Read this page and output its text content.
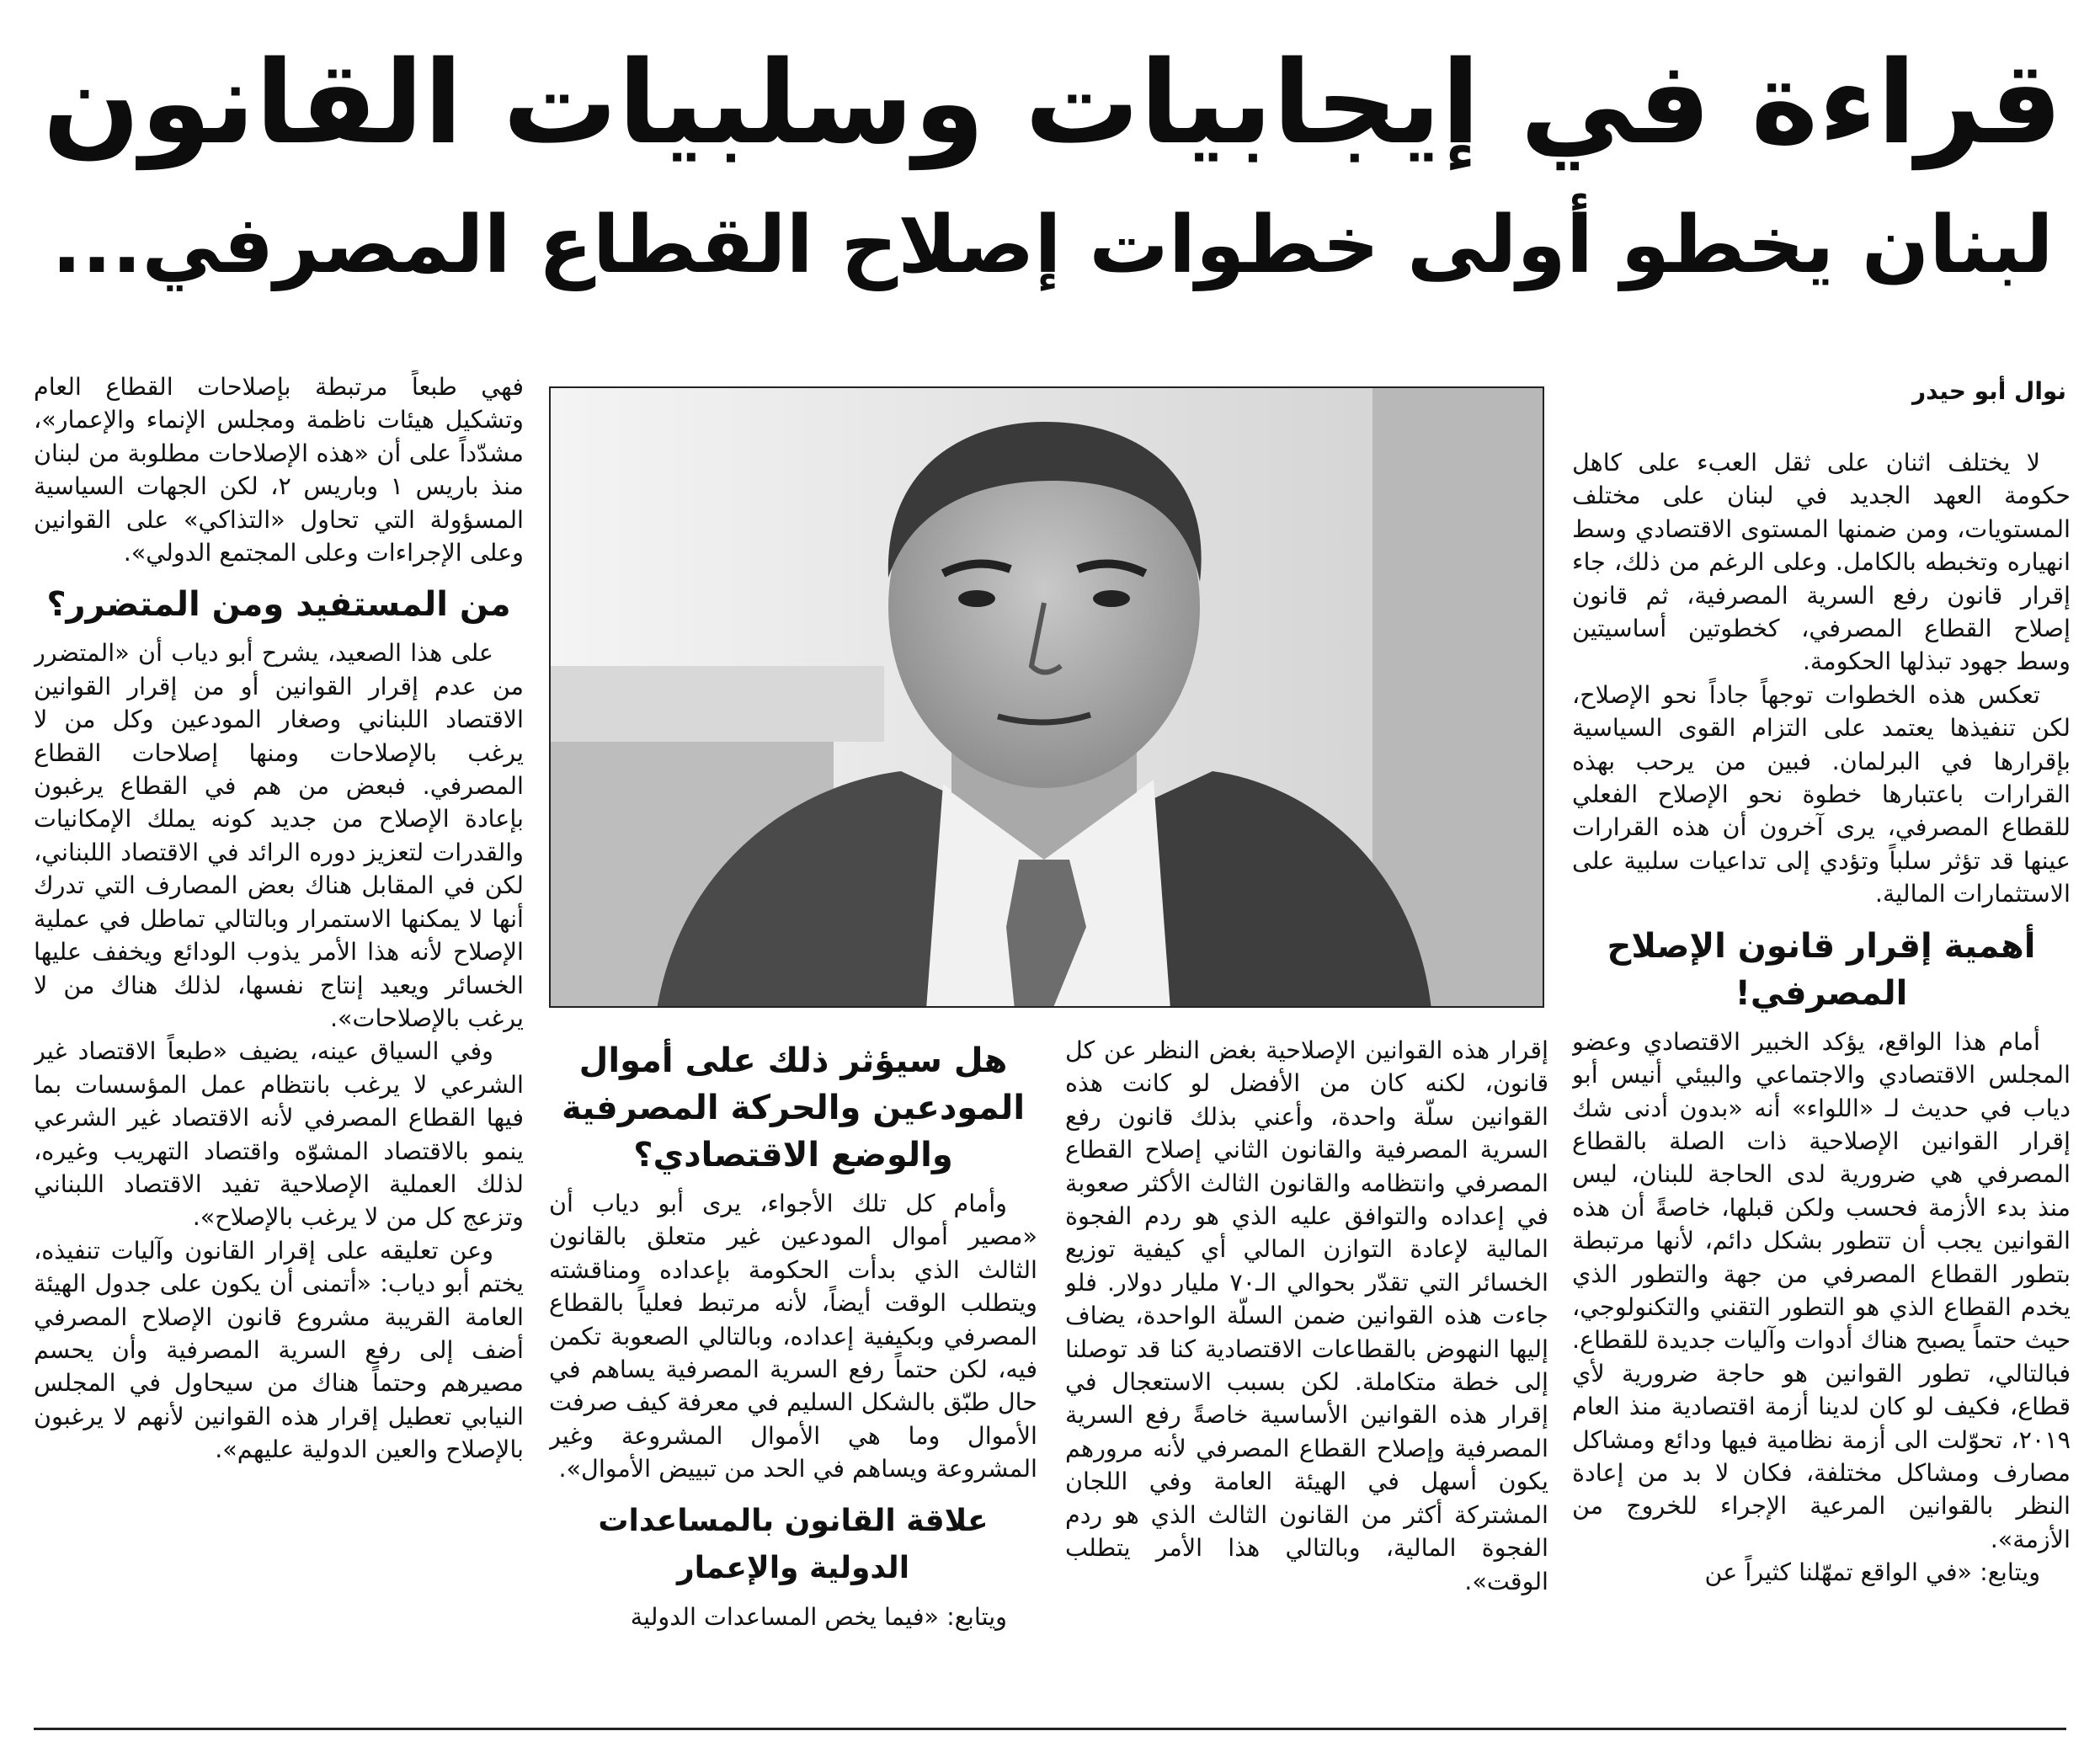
قراءة في إيجابيات وسلبيات القانون
لبنان يخطو أولى خطوات إصلاح القطاع المصرفي...
نوال أبو حيدر

لا يختلف اثنان على ثقل العبء على كاهل حكومة العهد الجديد في لبنان على مختلف المستويات، ومن ضمنها المستوى الاقتصادي وسط انهياره وتخبطه بالكامل. وعلى الرغم من ذلك، جاء إقرار قانون رفع السرية المصرفية، ثم قانون إصلاح القطاع المصرفي، كخطوتين أساسيتين وسط جهود تبذلها الحكومة.

تعكس هذه الخطوات توجهاً جاداً نحو الإصلاح، لكن تنفيذها يعتمد على التزام القوى السياسية بإقرارها في البرلمان. فبين من يرحب بهذه القرارات باعتبارها خطوة نحو الإصلاح الفعلي للقطاع المصرفي، يرى آخرون أن هذه القرارات عينها قد تؤثر سلباً وتؤدي إلى تداعيات سلبية على الاستثمارات المالية.

أهمية إقرار قانون الإصلاح المصرفي!

أمام هذا الواقع، يؤكد الخبير الاقتصادي وعضو المجلس الاقتصادي والاجتماعي والبيئي أنيس أبو دياب في حديث لـ «اللواء» أنه «بدون أدنى شك إقرار القوانين الإصلاحية ذات الصلة بالقطاع المصرفي هي ضرورية لدى الحاجة للبنان، ليس منذ بدء الأزمة فحسب ولكن قبلها، خاصةً أن هذه القوانين يجب أن تتطور بشكل دائم، لأنها مرتبطة بتطور القطاع المصرفي من جهة والتطور الذي يخدم القطاع الذي هو التطور التقني والتكنولوجي، حيث حتماً يصبح هناك أدوات وآليات جديدة للقطاع. فبالتالي، تطور القوانين هو حاجة ضرورية لأي قطاع، فكيف لو كان لدينا أزمة اقتصادية منذ العام ٢٠١٩، تحوّلت الى أزمة نظامية فيها ودائع ومشاكل مصارف ومشاكل مختلفة، فكان لا بد من إعادة النظر بالقوانين المرعية الإجراء للخروج من الأزمة».

ويتابع: «في الواقع تمهّلنا كثيراً عن

إقرار هذه القوانين الإصلاحية بغض النظر عن كل قانون، لكنه كان من الأفضل لو كانت هذه القوانين سلّة واحدة، وأعني بذلك قانون رفع السرية المصرفية والقانون الثاني إصلاح القطاع المصرفي وانتظامه والقانون الثالث الأكثر صعوبة في إعداده والتوافق عليه الذي هو ردم الفجوة المالية لإعادة التوازن المالي أي كيفية توزيع الخسائر التي تقدّر بحوالي الـ٧٠ مليار دولار. فلو جاءت هذه القوانين ضمن السلّة الواحدة، يضاف إليها النهوض بالقطاعات الاقتصادية كنا قد توصلنا إلى خطة متكاملة. لكن بسبب الاستعجال في إقرار هذه القوانين الأساسية خاصةً رفع السرية المصرفية وإصلاح القطاع المصرفي لأنه مرورهم يكون أسهل في الهيئة العامة وفي اللجان المشتركة أكثر من القانون الثالث الذي هو ردم الفجوة المالية، وبالتالي هذا الأمر يتطلب الوقت».

هل سيؤثر ذلك على أموال المودعين والحركة المصرفية والوضع الاقتصادي؟

وأمام كل تلك الأجواء، يرى أبو دياب أن «مصير أموال المودعين غير متعلق بالقانون الثالث الذي بدأت الحكومة بإعداده ومناقشته ويتطلب الوقت أيضاً، لأنه مرتبط فعلياً بالقطاع المصرفي وبكيفية إعداده، وبالتالي الصعوبة تكمن فيه، لكن حتماً رفع السرية المصرفية يساهم في حال طبّق بالشكل السليم في معرفة كيف صرفت الأموال وما هي الأموال المشروعة وغير المشروعة ويساهم في الحد من تبييض الأموال».

علاقة القانون بالمساعدات الدولية والإعمار

ويتابع: «فيما يخص المساعدات الدولية

فهي طبعاً مرتبطة بإصلاحات القطاع العام وتشكيل هيئات ناظمة ومجلس الإنماء والإعمار»، مشدّداً على أن «هذه الإصلاحات مطلوبة من لبنان منذ باريس ١ وباريس ٢، لكن الجهات السياسية المسؤولة التي تحاول «التذاكي» على القوانين وعلى الإجراءات وعلى المجتمع الدولي».

من المستفيد ومن المتضرر؟

على هذا الصعيد، يشرح أبو دياب أن «المتضرر من عدم إقرار القوانين أو من إقرار القوانين الاقتصاد اللبناني وصغار المودعين وكل من لا يرغب بالإصلاحات ومنها إصلاحات القطاع المصرفي. فبعض من هم في القطاع يرغبون بإعادة الإصلاح من جديد كونه يملك الإمكانيات والقدرات لتعزيز دوره الرائد في الاقتصاد اللبناني، لكن في المقابل هناك بعض المصارف التي تدرك أنها لا يمكنها الاستمرار وبالتالي تماطل في عملية الإصلاح لأنه هذا الأمر يذوب الودائع ويخفف عليها الخسائر ويعيد إنتاج نفسها، لذلك هناك من لا يرغب بالإصلاحات».

وفي السياق عينه، يضيف «طبعاً الاقتصاد غير الشرعي لا يرغب بانتظام عمل المؤسسات بما فيها القطاع المصرفي لأنه الاقتصاد غير الشرعي ينمو بالاقتصاد المشوّه واقتصاد التهريب وغيره، لذلك العملية الإصلاحية تفيد الاقتصاد اللبناني وتزعج كل من لا يرغب بالإصلاح».

وعن تعليقه على إقرار القانون وآليات تنفيذه، يختم أبو دياب: «أتمنى أن يكون على جدول الهيئة العامة القريبة مشروع قانون الإصلاح المصرفي أضف إلى رفع السرية المصرفية وأن يحسم مصيرهم وحتماً هناك من سيحاول في المجلس النيابي تعطيل إقرار هذه القوانين لأنهم لا يرغبون بالإصلاح والعين الدولية عليهم».
